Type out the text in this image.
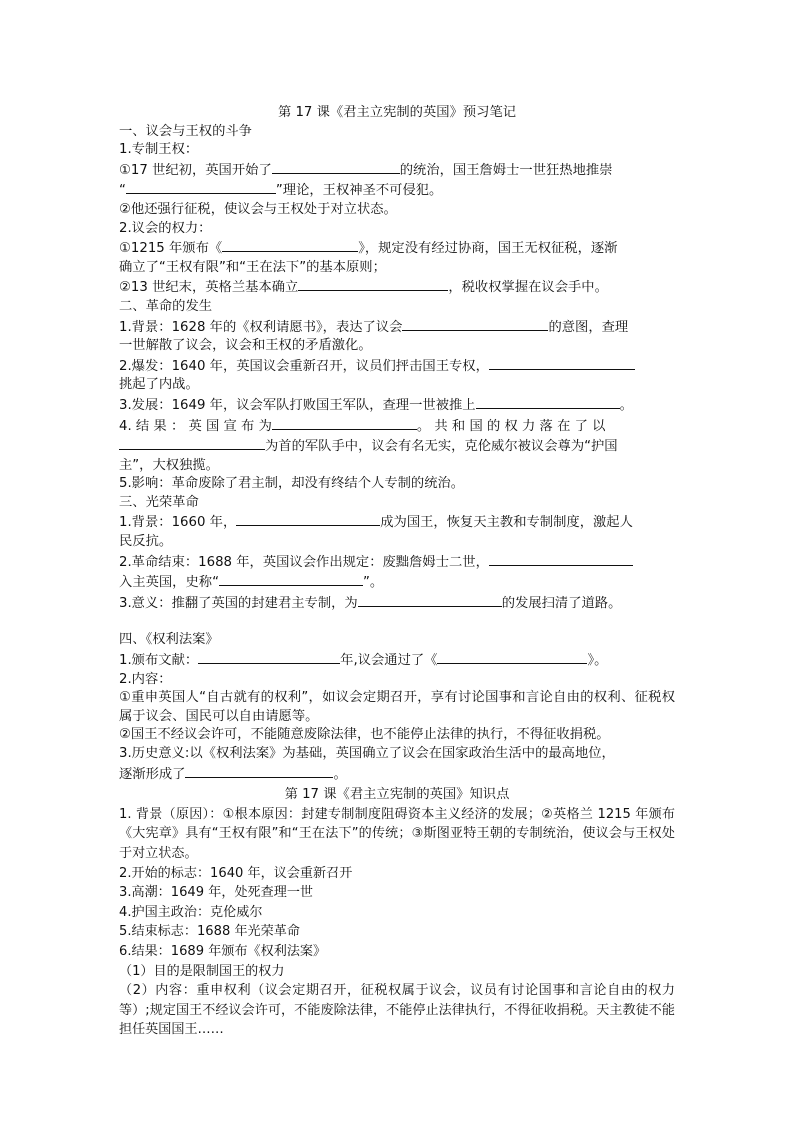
第 17 课《君主立宪制的英国》预习笔记
一、议会与王权的斗争
1.专制王权：
①17 世纪初，英国开始了	的统治，国王詹姆士一世狂热地推崇
“	”理论，王权神圣不可侵犯。
②他还强行征税，使议会与王权处于对立状态。
2.议会的权力：
①1215 年颁布《	》，规定没有经过协商，国王无权征税，逐渐
确立了“王权有限”和“王在法下”的基本原则；
②13 世纪末，英格兰基本确立	，税收权掌握在议会手中。
二、革命的发生
1.背景：1628 年的《权利请愿书》，表达了议会	的意图，查理
一世解散了议会，议会和王权的矛盾激化。
2.爆发：1640 年，英国议会重新召开，议员们抨击国王专权，
挑起了内战。
3.发展：1649 年，议会军队打败国王军队，查理一世被推上	。
4. 结 果 ： 英 国 宣 布 为	。 共 和 国 的 权 力 落 在 了 以
为首的军队手中，议会有名无实，克伦威尔被议会尊为“护国
主”，大权独揽。
5.影响：革命废除了君主制，却没有终结个人专制的统治。
三、光荣革命
1.背景：1660 年，	成为国王，恢复天主教和专制制度，激起人
民反抗。
2.革命结束：1688 年，英国议会作出规定：废黜詹姆士二世，
入主英国，史称“	”。
3.意义：推翻了英国的封建君主专制，为	的发展扫清了道路。
四、《权利法案》
1.颁布文献：	年,议会通过了《	》。
2.内容：
①重申英国人“自古就有的权利”，如议会定期召开，享有讨论国事和言论自由的权利、征税权属于议会、国民可以自由请愿等。
②国王不经议会许可，不能随意废除法律，也不能停止法律的执行，不得征收捐税。
3.历史意义:以《权利法案》为基础，英国确立了议会在国家政治生活中的最高地位，
逐渐形成了	。
第 17 课《君主立宪制的英国》知识点
1. 背景（原因）：①根本原因：封建专制制度阻碍资本主义经济的发展；②英格兰 1215 年颁布《大宪章》具有“王权有限”和“王在法下”的传统；③斯图亚特王朝的专制统治，使议会与王权处于对立状态。
2.开始的标志：1640 年，议会重新召开
3.高潮：1649 年，处死查理一世
4.护国主政治：克伦威尔
5.结束标志：1688 年光荣革命
6.结果：1689 年颁布《权利法案》
（1）目的是限制国王的权力
（2）内容：重申权利（议会定期召开，征税权属于议会，议员有讨论国事和言论自由的权力等）;规定国王不经议会许可，不能废除法律，不能停止法律执行，不得征收捐税。天主教徒不能担任英国国王……
